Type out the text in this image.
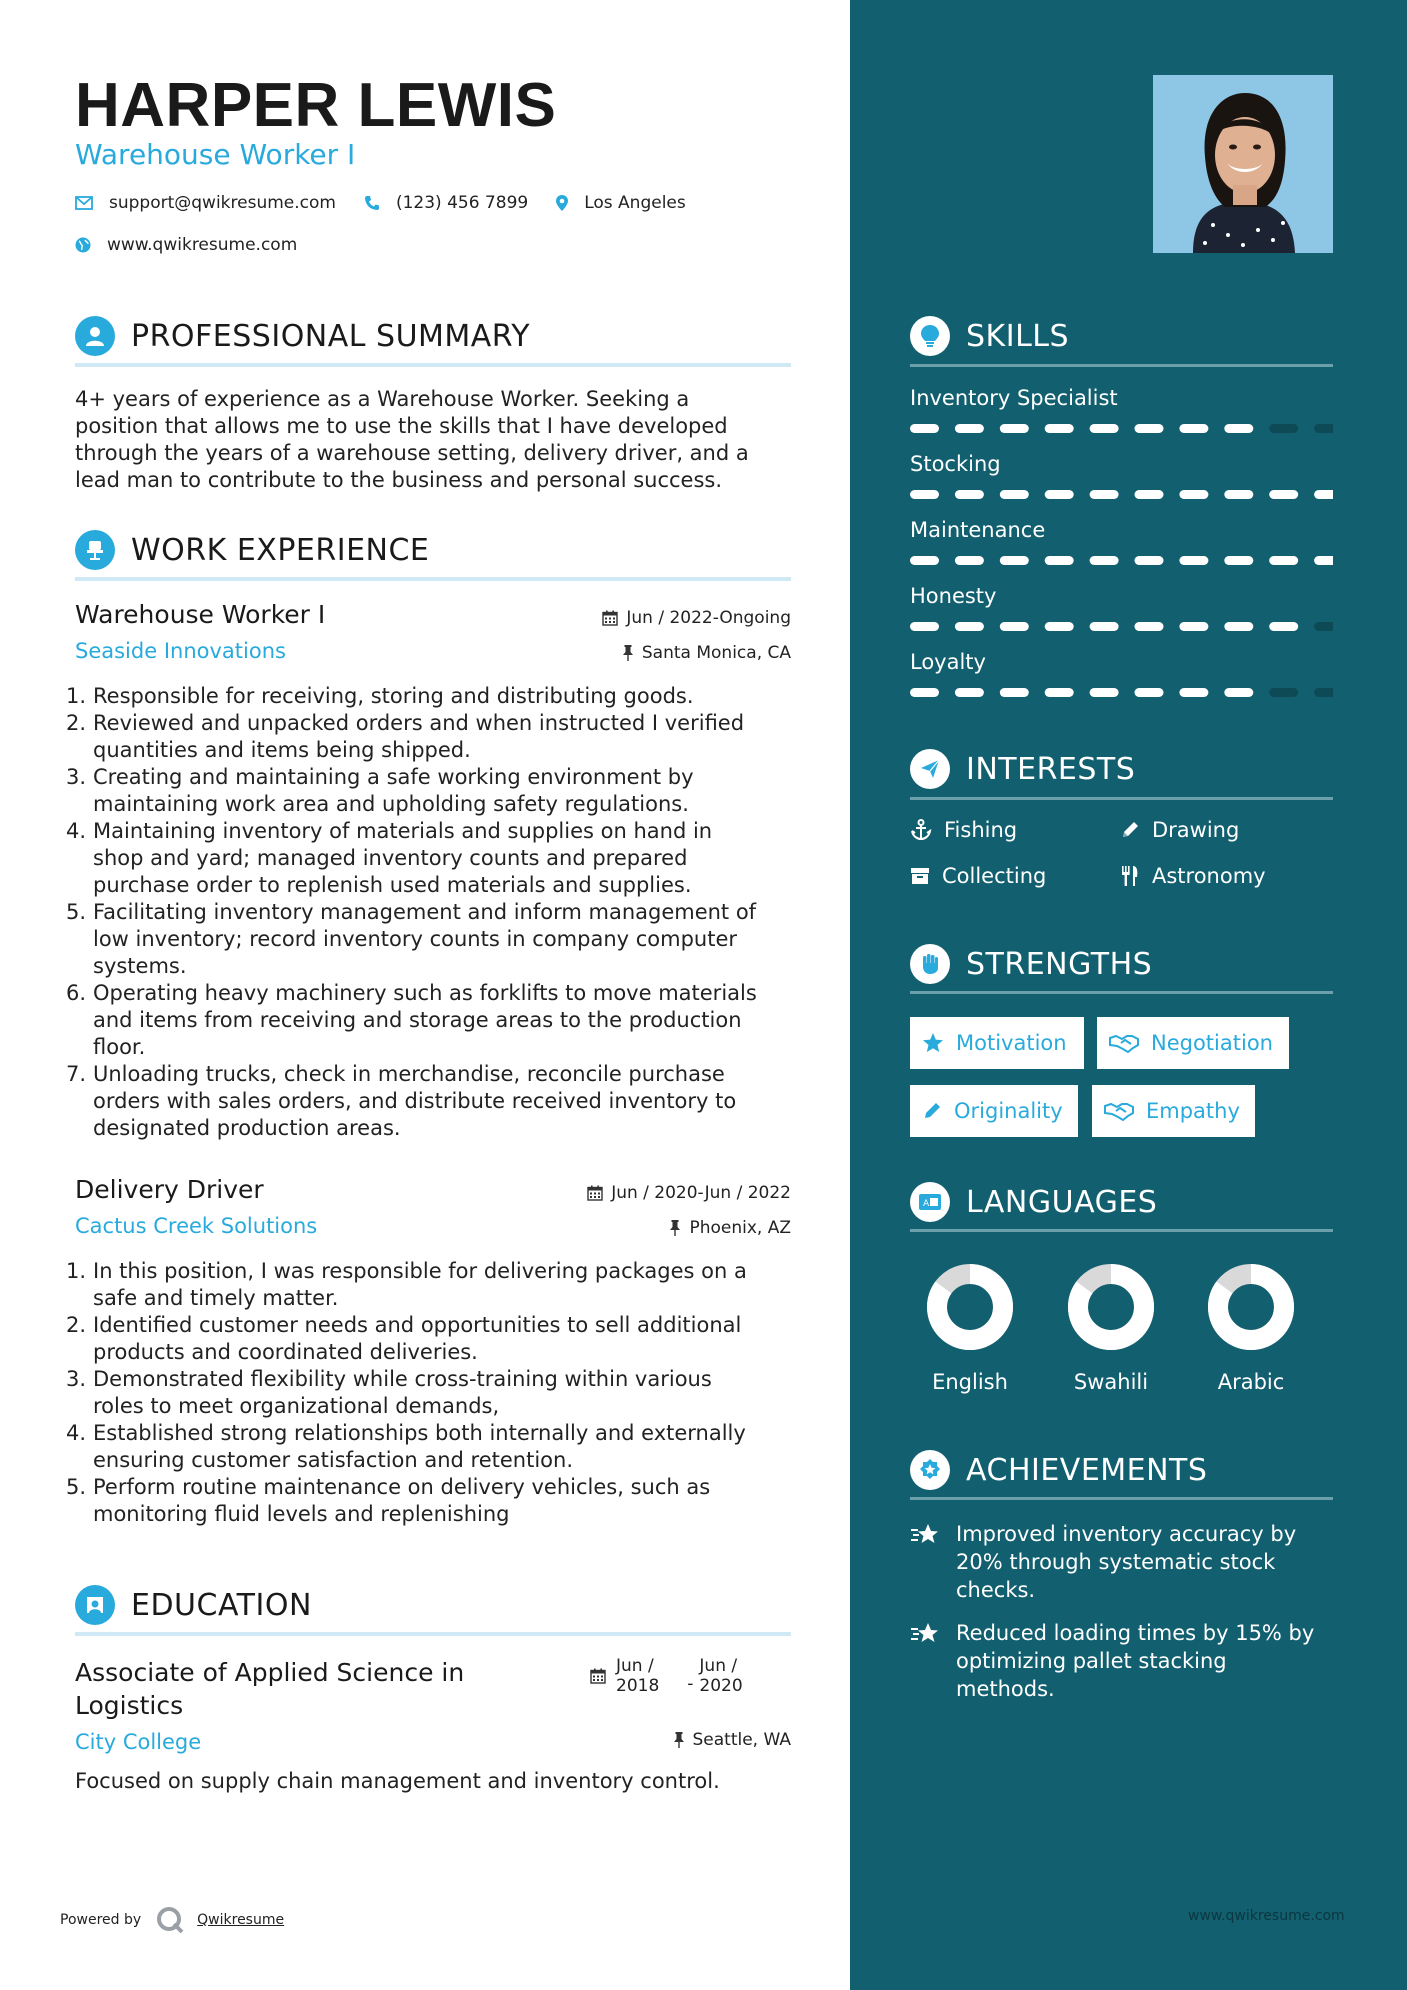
HARPER LEWIS
Warehouse Worker I
support@qwikresume.com	(123) 456 7899	Los Angeles
www.qwikresume.com
PROFESSIONAL SUMMARY
4+ years of experience as a Warehouse Worker. Seeking a
position that allows me to use the skills that I have developed
through the years of a warehouse setting, delivery driver, and a
lead man to contribute to the business and personal success.
WORK EXPERIENCE
Warehouse Worker I	Jun / 2022-Ongoing
Seaside Innovations	Santa Monica, CA
1. Responsible for receiving, storing and distributing goods.
2. Reviewed and unpacked orders and when instructed I verified
quantities and items being shipped.
3. Creating and maintaining a safe working environment by
maintaining work area and upholding safety regulations.
4. Maintaining inventory of materials and supplies on hand in
shop and yard; managed inventory counts and prepared
purchase order to replenish used materials and supplies.
5. Facilitating inventory management and inform management of
low inventory; record inventory counts in company computer
systems.
6. Operating heavy machinery such as forklifts to move materials
and items from receiving and storage areas to the production
floor.
7. Unloading trucks, check in merchandise, reconcile purchase
orders with sales orders, and distribute received inventory to
designated production areas.
Delivery Driver	Jun / 2020-Jun / 2022
Cactus Creek Solutions	Phoenix, AZ
1. In this position, I was responsible for delivering packages on a
safe and timely matter.
2. Identified customer needs and opportunities to sell additional
products and coordinated deliveries.
3. Demonstrated flexibility while cross-training within various
roles to meet organizational demands,
4. Established strong relationships both internally and externally
ensuring customer satisfaction and retention.
5. Perform routine maintenance on delivery vehicles, such as
monitoring fluid levels and replenishing
EDUCATION
Associate of Applied Science in
Logistics
Jun /
2018 -
Jun /
2020
City College	Seattle, WA
Focused on supply chain management and inventory control.
Powered by	Qwikresume
SKILLS
Inventory Specialist
Stocking
Maintenance
Honesty
Loyalty
INTERESTS
Fishing	Drawing
Collecting	Astronomy
STRENGTHS
Motivation	Negotiation
Originality	Empathy
A LANGUAGES
English	Swahili	Arabic
ACHIEVEMENTS
Improved inventory accuracy by
20% through systematic stock
checks.
Reduced loading times by 15% by
optimizing pallet stacking
methods.
www.qwikresume.com
